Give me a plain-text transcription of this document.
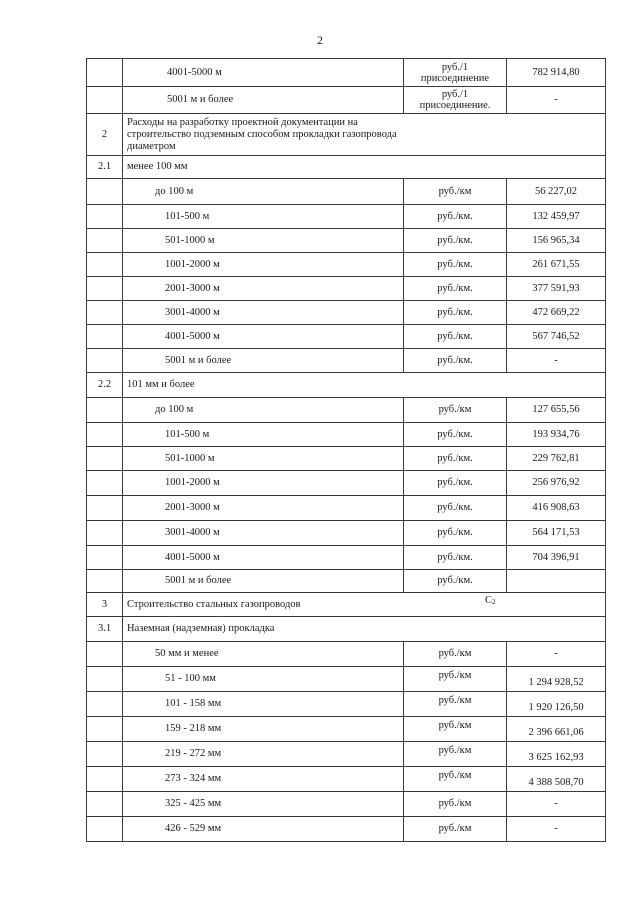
2
	4001-5000 м	руб./1 присоединение	782 914,80
	5001 м и более	руб./1 присоединение.	-
2	Расходы на разработку проектной документации на строительство подземным способом прокладки газопровода диаметром		
2.1	менее 100 мм		
	до 100 м	руб./км	56 227,02
	101-500 м	руб./км.	132 459,97
	501-1000 м	руб./км.	156 965,34
	1001-2000 м	руб./км.	261 671,55
	2001-3000 м	руб./км.	377 591,93
	3001-4000 м	руб./км.	472 669,22
	4001-5000 м	руб./км.	567 746,52
	5001 м и более	руб./км.	-
2.2	101 мм и более		
	до 100 м	руб./км	127 655,56
	101-500 м	руб./км.	193 934,76
	501-1000 м	руб./км.	229 762,81
	1001-2000 м	руб./км.	256 976,92
	2001-3000 м	руб./км.	416 908,63
	3001-4000 м	руб./км.	564 171,53
	4001-5000 м	руб./км.	704 396,91
	5001 м и более	руб./км.	
3	Строительство стальных газопроводов С2		

3.1	Наземная (надземная) прокладка		
	50 мм и менее	руб./км	-
	51 - 100 мм	руб./км	1 294 928,52
	101 - 158 мм	руб./км	1 920 126,50
	159 - 218 мм	руб./км	2 396 661,06
	219 - 272 мм	руб./км	3 625 162,93
	273 - 324 мм	руб./км	4 388 508,70
	325 - 425 мм	руб./км	-
	426 - 529 мм	руб./км	-
